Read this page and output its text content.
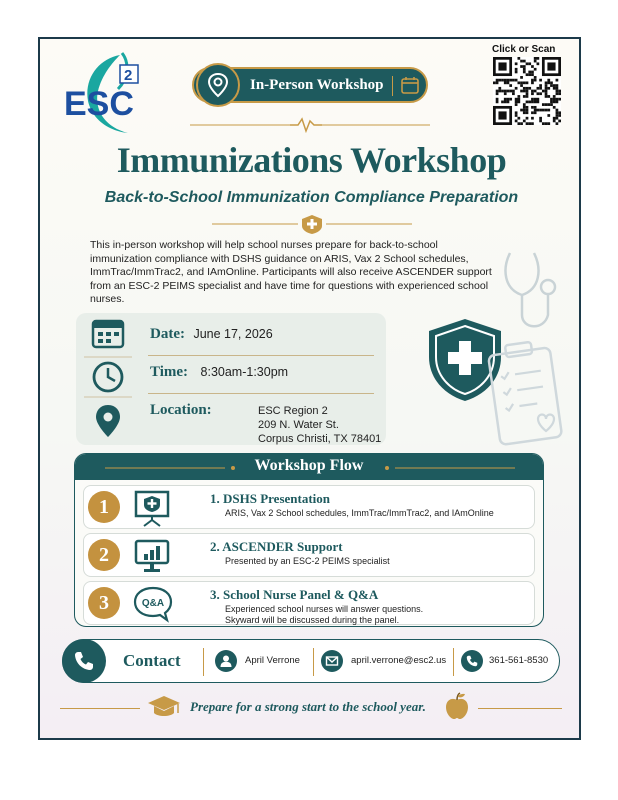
ESC
2
In-Person Workshop
Click or Scan
Immunizations Workshop
Back-to-School Immunization Compliance Preparation
This in-person workshop will help school nurses prepare for back-to-school immunization compliance with DSHS guidance on ARIS, Vax 2 School schedules, ImmTrac/ImmTrac2, and IAmOnline. Participants will also receive ASCENDER support from an ESC-2 PEIMS specialist and have time for questions with experienced school nurses.
Date: June 17, 2026
Time: 8:30am-1:30pm
Location:	ESC Region 2
209 N. Water St.
Corpus Christi, TX 78401
Workshop Flow
1	1. DSHS Presentation
ARIS, Vax 2 School schedules, ImmTrac/ImmTrac2, and IAmOnline
2	2. ASCENDER Support
Presented by an ESC-2 PEIMS specialist
3	Q&A
3. School Nurse Panel & Q&A
Experienced school nurses will answer questions.
Skyward will be discussed during the panel.
Contact	April Verrone	april.verrone@esc2.us	361-561-8530
Prepare for a strong start to the school year.
